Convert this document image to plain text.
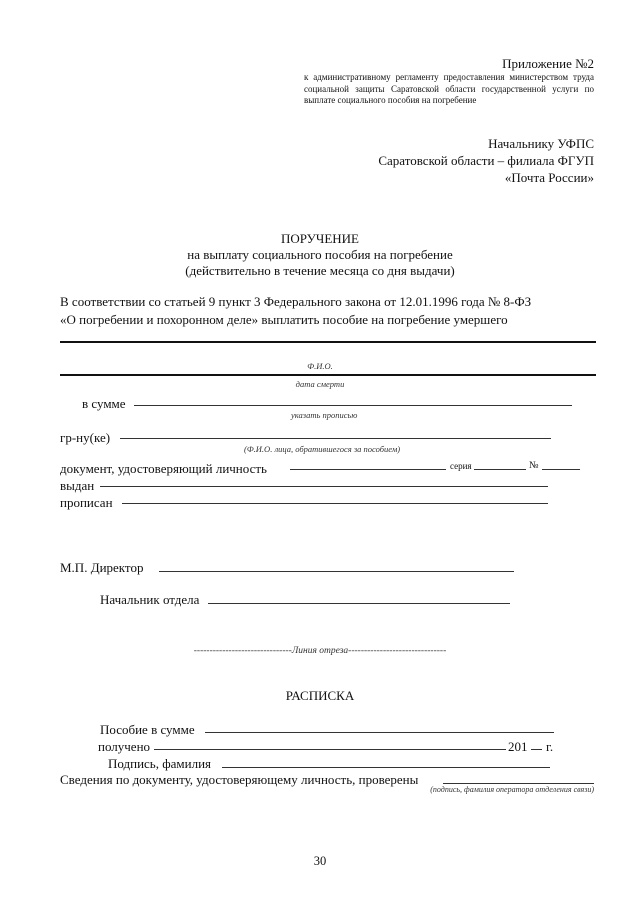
Приложение №2
к административному регламенту предоставления министерством труда социальной защиты Саратовской области государственной услуги по выплате социального пособия на погребение
Начальнику УФПС
Саратовской области – филиала ФГУП
«Почта России»
ПОРУЧЕНИЕ
на выплату социального пособия на погребение
(действительно в течение месяца со дня выдачи)
В соответствии со статьей 9 пункт 3 Федерального закона от 12.01.1996 года № 8-ФЗ
«О погребении и похоронном деле» выплатить пособие на погребение умершего
Ф.И.О.
дата смерти
в сумме
указать прописью
гр-ну(ке)
(Ф.И.О. лица, обратившегося за пособием)
документ, удостоверяющий личность	серия	№
выдан
прописан
М.П. Директор
Начальник отдела
-------------------------------Линия отреза-------------------------------
РАСПИСКА
Пособие в сумме
получено	201 г.
Подпись, фамилия
Сведения по документу, удостоверяющему личность, проверены
(подпись, фамилия оператора отделения связи)
30
